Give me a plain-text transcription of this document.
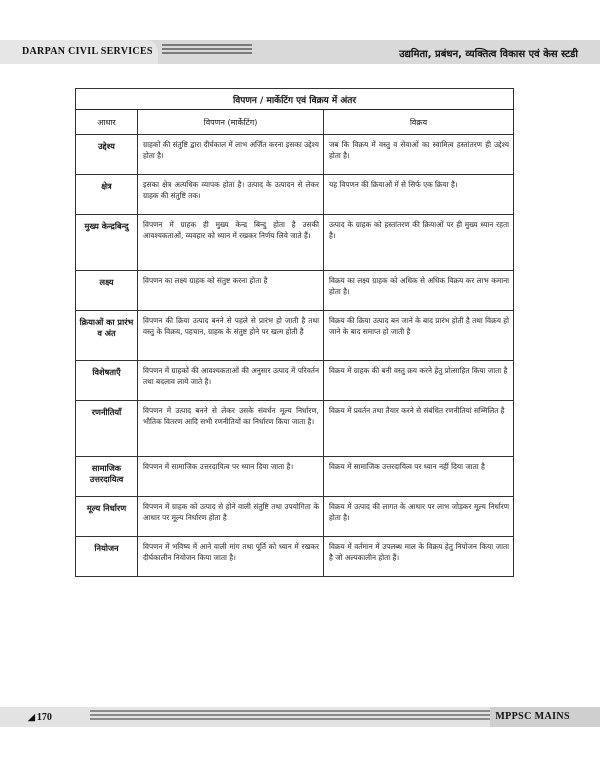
DARPAN CIVIL SERVICES	उद्यमिता, प्रबंधन, व्यक्तित्व विकास एवं केस स्टडी
विपणन / मार्केटिंग एवं विक्रय में अंतर		
आधार	विपणन (मार्केटिंग)	विक्रय
उद्देश्य	ग्राहकों की संतुष्टि द्वारा दीर्घकाल में लाभ अर्जित करना इसका उद्देश्य होता है।	जब कि विक्रय में वस्तु व सेवाओं का स्वामित्व हस्तांतरण ही उद्देश्य होता है।
क्षेत्र	इसका क्षेत्र अत्यधिक व्यापक होता है। उत्पाद के उत्पादन से लेकर ग्राहक की संतुष्टि तक।	यह विपणन की क्रियाओं में से सिर्फ एक क्रिया है।
मुख्य केन्द्रबिन्दु	विपणन में ग्राहक ही मुख्य केन्द्र बिन्दु होता है उसकी आवश्यकताओं, व्यवहार को ध्यान में रखकर निर्णय लिये जाते हैं।	उत्पाद के ग्राहक को हस्तांतरण की क्रियाओं पर ही मुख्य ध्यान रहता है।
लक्ष्य	विपणन का लक्ष्य ग्राहक को संतुष्ट करना होता है	विक्रय का लक्ष्य ग्राहक को अधिक से अधिक विक्रय कर लाभ कमाना होता है।
क्रियाओं का प्रारंभ व अंत	विपणन की क्रिया उत्पाद बनने से पहले से प्रारंभ हो जाती है तथा वस्तु के विक्रय, पहचान, ग्राहक के संतुष्ट होने पर खत्म होती है	विक्रय की क्रिया उत्पाद बन जाने के बाद प्रारंभ होती है तथा विक्रय हो जाने के बाद समाप्त हो जाती है
विशेषताएँ	विपणन में ग्राहकों की आवश्यकताओं की अनुसार उत्पाद में परिवर्तन तथा बदलाव लाये जाते है।	विक्रय में ग्राहक की बनी वस्तु क्रय करने हेतु प्रोत्साहित किया जाता है
रणनीतियाँ	विपणन में उत्पाद बनने से लेकर उसके संवर्धन मूल्य निर्धारण, भौतिक वितरण आदि सभी रणनीतियों का निर्धारण किया जाता है।	विक्रय में प्रवर्तन तथा तैयार करने से संबंधित रणनीतियां सम्मिलित है
सामाजिक उत्तरदायित्व	विपणन में सामाजिक उत्तरदायित्व पर ध्यान दिया जाता है।	विक्रय में सामाजिक उत्तरदायित्व पर ध्यान नहीं दिया जाता है
मूल्य निर्धारण	विपणन में ग्राहक को उत्पाद से होने वाली संतुष्टि तथा उपयोगिता के आधार पर मूल्य निर्धारण होता है	विक्रय में उत्पाद की लागत के आधार पर लाभ जोड़कर मूल्य निर्धारण होता है।
नियोजन	विपणन में भविष्य में आने वाली मांग तथा पूर्ति को ध्यान में रखकर दीर्घकालीन नियोजन किया जाता है।	विक्रय में वर्तमान में उपलब्ध माल के विक्रय हेतु नियोजन किया जाता है जो अल्पकालीन होता हैं।
◢ 170	MPPSC MAINS
